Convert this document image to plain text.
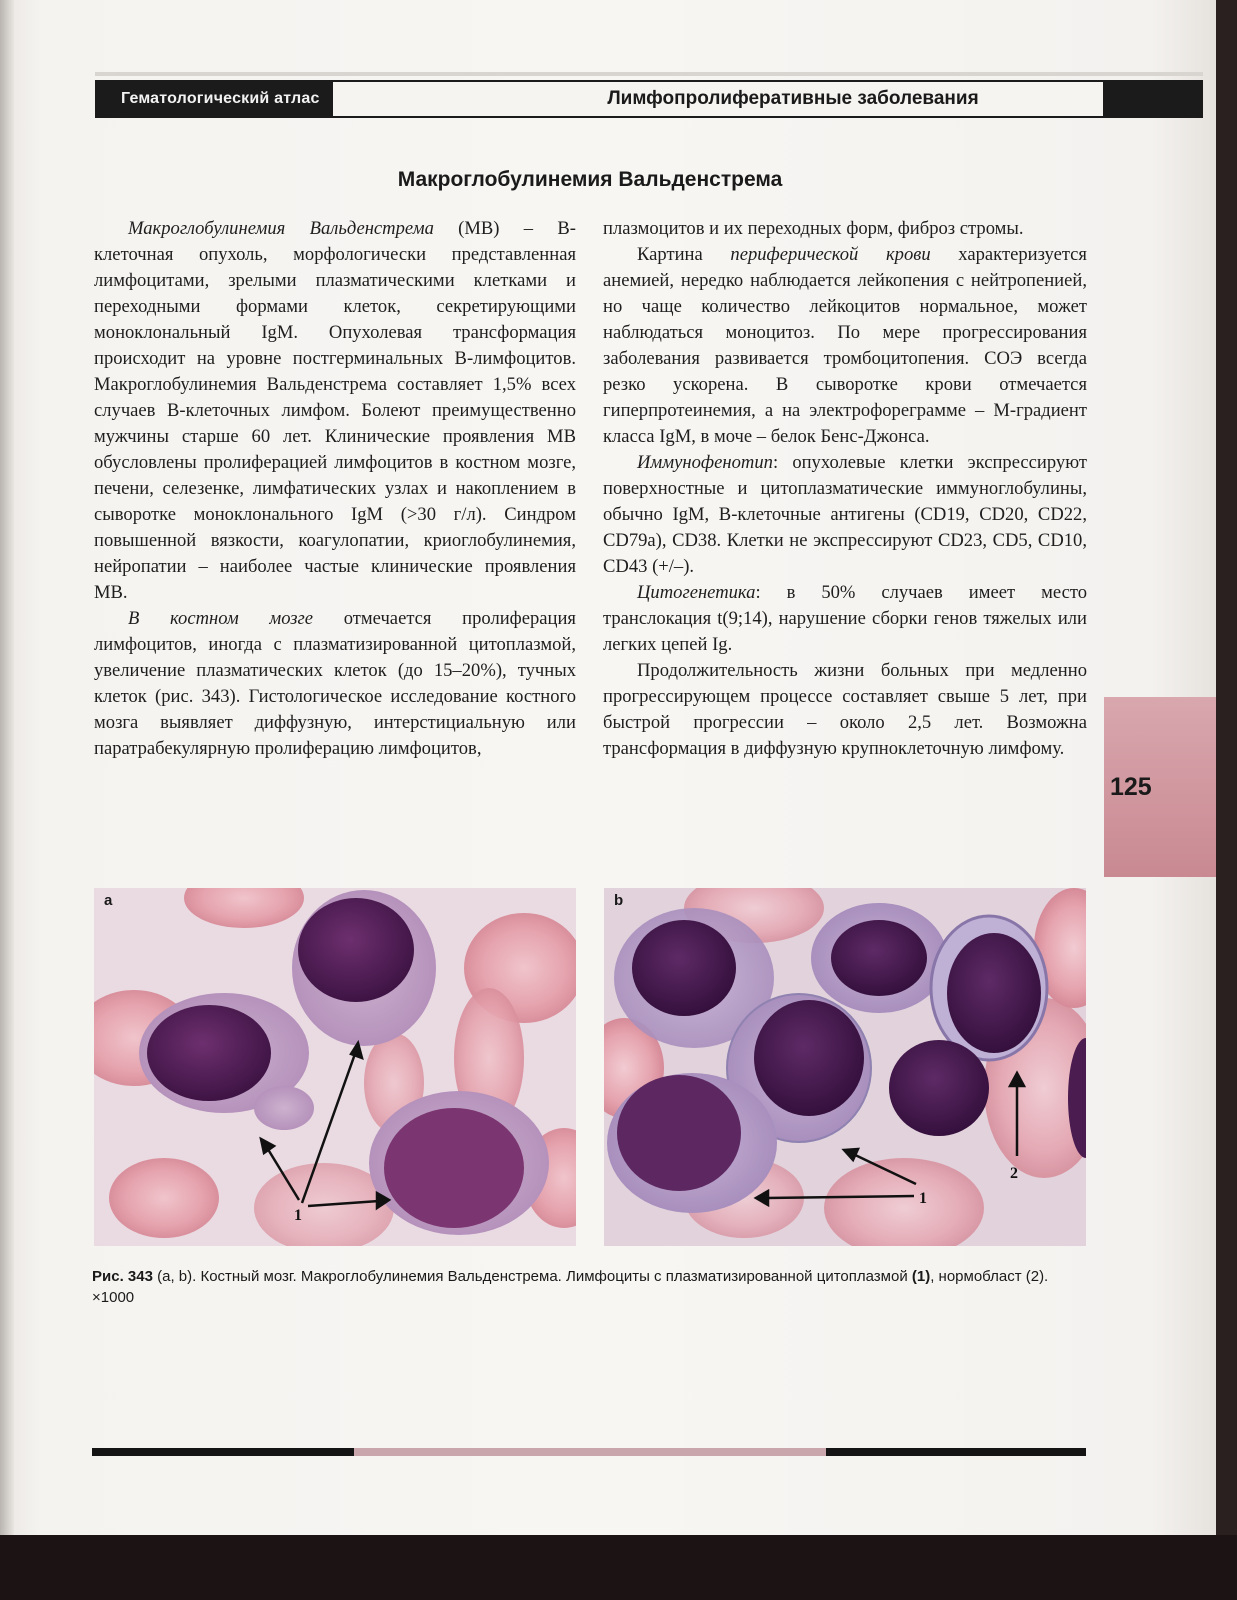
Гематологический атлас	Лимфопролиферативные заболевания
Макроглобулинемия Вальденстрема

Макроглобулинемия Вальденстрема (МВ) – В-клеточная опухоль, морфологически представленная лимфоцитами, зрелыми плазматическими клетками и переходными формами клеток, секретирующими моноклональный IgM. Опухолевая трансформация происходит на уровне постгерминальных В-лимфоцитов. Макроглобулинемия Вальденстрема составляет 1,5% всех случаев В-клеточных лимфом. Болеют преимущественно мужчины старше 60 лет. Клинические проявления МВ обусловлены пролиферацией лимфоцитов в костном мозге, печени, селезенке, лимфатических узлах и накоплением в сыворотке моноклонального IgM (>30 г/л). Синдром повышенной вязкости, коагулопатии, криоглобулинемия, нейропатии – наиболее частые клинические проявления МВ.

В костном мозге отмечается пролиферация лимфоцитов, иногда с плазматизированной цитоплазмой, увеличение плазматических клеток (до 15–20%), тучных клеток (рис. 343). Гистологическое исследование костного мозга выявляет диффузную, интерстициальную или паратрабекулярную пролиферацию лимфоцитов,

плазмоцитов и их переходных форм, фиброз стромы.

Картина периферической крови характеризуется анемией, нередко наблюдается лейкопения с нейтропенией, но чаще количество лейкоцитов нормальное, может наблюдаться моноцитоз. По мере прогрессирования заболевания развивается тромбоцитопения. СОЭ всегда резко ускорена. В сыворотке крови отмечается гиперпротеинемия, а на электрофореграмме – М-градиент класса IgM, в моче – белок Бенс-Джонса.

Иммунофенотип: опухолевые клетки экспрессируют поверхностные и цитоплазматические иммуноглобулины, обычно IgM, В-клеточные антигены (CD19, CD20, CD22, CD79a), CD38. Клетки не экспрессируют CD23, CD5, CD10, CD43 (+/–).

Цитогенетика: в 50% случаев имеет место транслокация t(9;14), нарушение сборки генов тяжелых или легких цепей Ig.

Продолжительность жизни больных при медленно прогрессирующем процессе составляет свыше 5 лет, при быстрой прогрессии – около 2,5 лет. Возможна трансформация в диффузную крупноклеточную лимфому.

125
1
a
1
2
b
Рис. 343 (a, b). Костный мозг. Макроглобулинемия Вальденстрема. Лимфоциты с плазматизированной цитоплазмой (1), нормобласт (2). ×1000
